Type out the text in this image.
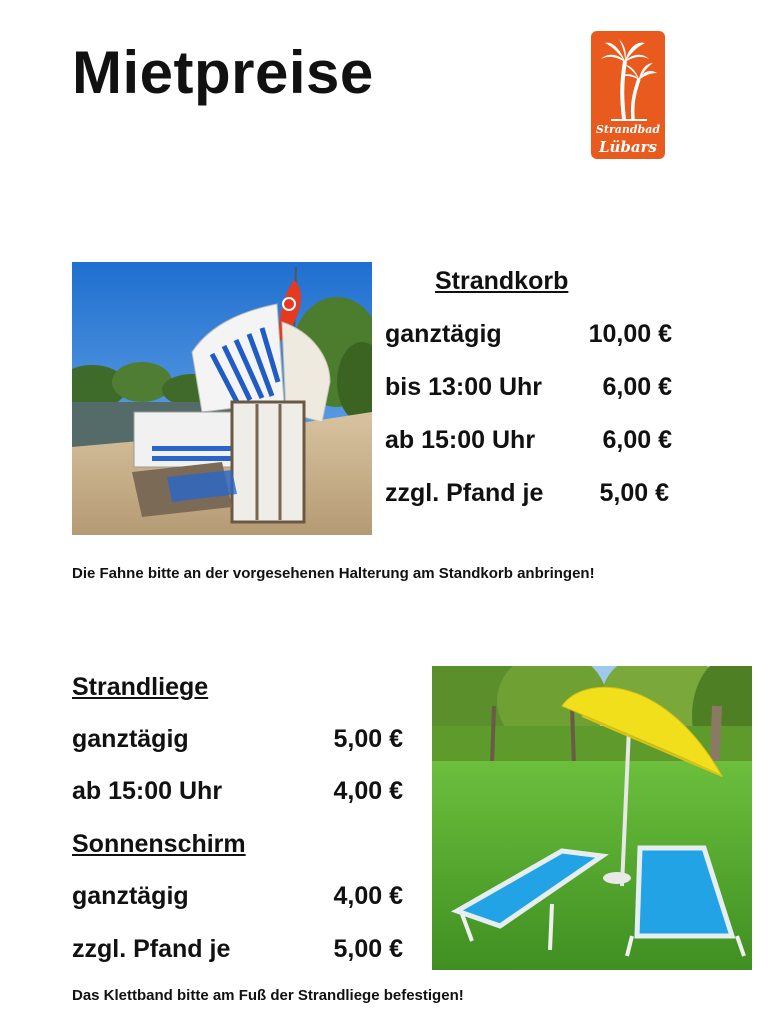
Mietpreise
Strandbad
Lübars
Strandkorb
ganztägig	10,00 €
bis 13:00 Uhr 6,00 €
ab 15:00 Uhr	6,00 €
zzgl. Pfand je 5,00 €
Die Fahne bitte an der vorgesehenen Halterung am Standkorb anbringen!
Strandliege
ganztägig	5,00 €
ab 15:00 Uhr	4,00 €
Sonnenschirm
ganztägig	4,00 €
zzgl. Pfand je	5,00 €
Das Klettband bitte am Fuß der Strandliege befestigen!
